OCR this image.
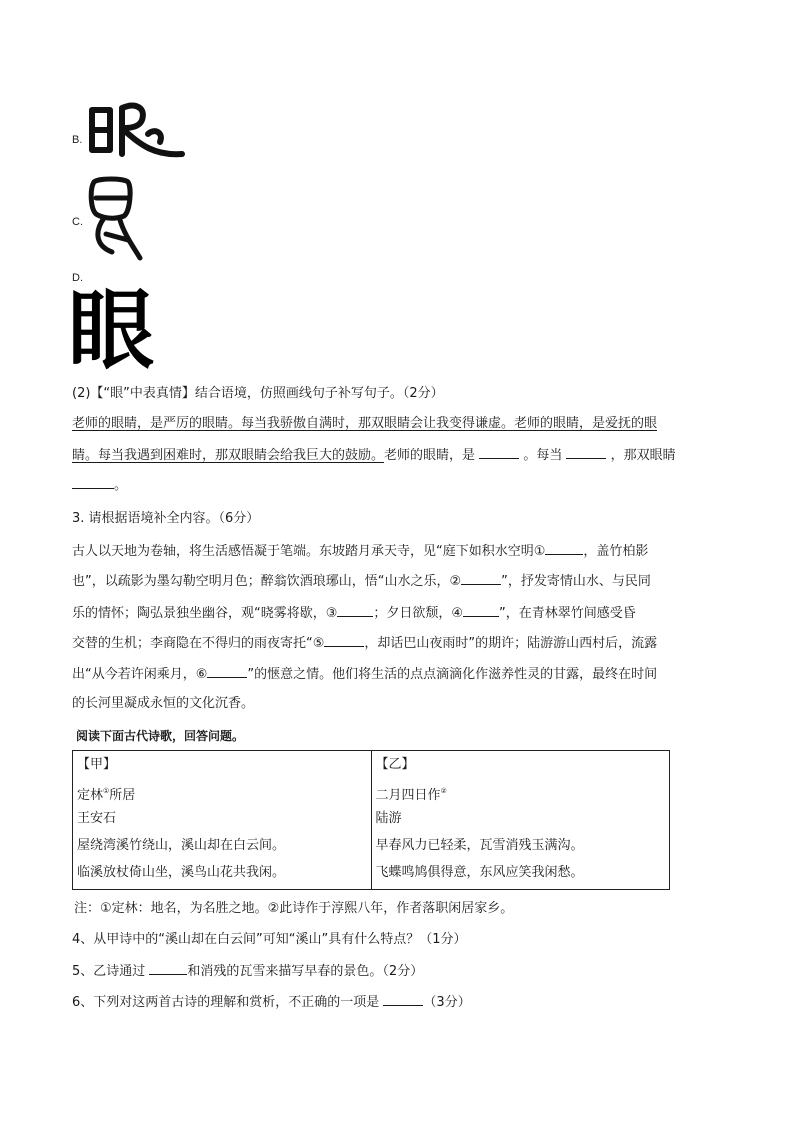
B.
C.
D.
眼
(2)【“眼”中表真情】结合语境，仿照画线句子补写句子。（2分）
老师的眼睛，是严厉的眼睛。每当我骄傲自满时，那双眼睛会让我变得谦虚。老师的眼睛，是爱抚的眼
睛。每当我遇到困难时，那双眼睛会给我巨大的鼓励。老师的眼睛，是	。每当	，那双眼睛
。
3. 请根据语境补全内容。（6分）
古人以天地为卷轴，将生活感悟凝于笔端。东坡踏月承天寺，见“庭下如积水空明①	，盖竹柏影
也”，以疏影为墨勾勒空明月色；醉翁饮酒琅琊山，悟“山水之乐，②	”，抒发寄情山水、与民同
乐的情怀；陶弘景独坐幽谷，观“晓雾将歇，③	；夕日欲颓，④	”，在青林翠竹间感受昏
交替的生机；李商隐在不得归的雨夜寄托“⑤	，却话巴山夜雨时”的期许；陆游游山西村后，流露
出“从今若许闲乘月，⑥	”的惬意之情。他们将生活的点点滴滴化作滋养性灵的甘露，最终在时间
的长河里凝成永恒的文化沉香。
阅读下面古代诗歌，回答问题。
【甲】
定林①所居
王安石
屋绕湾溪竹绕山，溪山却在白云间。
临溪放杖倚山坐，溪鸟山花共我闲。

【乙】
二月四日作②
陆游
早春风力已轻柔，瓦雪消残玉满沟。
飞蝶鸣鸠俱得意，东风应笑我闲愁。
注：①定林：地名，为名胜之地。②此诗作于淳熙八年，作者落职闲居家乡。
4、从甲诗中的“溪山却在白云间”可知“溪山”具有什么特点？（1分）
5、乙诗通过	和消残的瓦雪来描写早春的景色。（2分）
6、下列对这两首古诗的理解和赏析，不正确的一项是	（3分）
